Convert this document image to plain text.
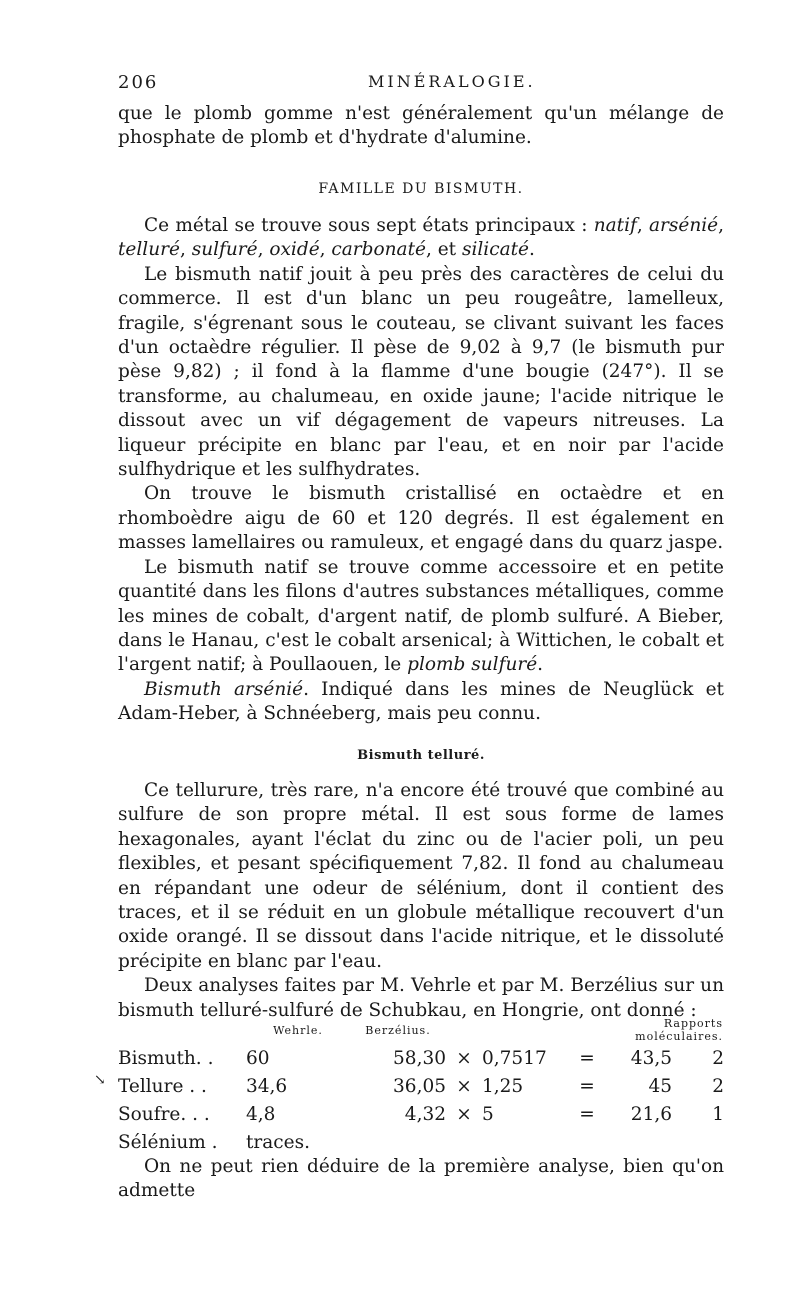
206	MINÉRALOGIE.

que le plomb gomme n'est généralement qu'un mélange de phosphate de plomb et d'hydrate d'alumine.

FAMILLE DU BISMUTH.

Ce métal se trouve sous sept états principaux : natif, arsénié, telluré, sulfuré, oxidé, carbonaté, et silicaté.

Le bismuth natif jouit à peu près des caractères de celui du commerce. Il est d'un blanc un peu rougeâtre, lamelleux, fragile, s'égrenant sous le couteau, se clivant suivant les faces d'un octaèdre régulier. Il pèse de 9,02 à 9,7 (le bismuth pur pèse 9,82) ; il fond à la flamme d'une bougie (247°). Il se transforme, au chalumeau, en oxide jaune; l'acide nitrique le dissout avec un vif dégagement de vapeurs nitreuses. La liqueur précipite en blanc par l'eau, et en noir par l'acide sulfhydrique et les sulfhydrates.

On trouve le bismuth cristallisé en octaèdre et en rhomboèdre aigu de 60 et 120 degrés. Il est également en masses lamellaires ou ramuleux, et engagé dans du quarz jaspe.

Le bismuth natif se trouve comme accessoire et en petite quantité dans les filons d'autres substances métalliques, comme les mines de cobalt, d'argent natif, de plomb sulfuré. A Bieber, dans le Hanau, c'est le cobalt arsenical; à Wittichen, le cobalt et l'argent natif; à Poullaouen, le plomb sulfuré.

Bismuth arsénié. Indiqué dans les mines de Neuglück et Adam-Heber, à Schnéeberg, mais peu connu.

Bismuth telluré.

Ce tellurure, très rare, n'a encore été trouvé que combiné au sulfure de son propre métal. Il est sous forme de lames hexagonales, ayant l'éclat du zinc ou de l'acier poli, un peu flexibles, et pesant spécifiquement 7,82. Il fond au chalumeau en répandant une odeur de sélénium, dont il contient des traces, et il se réduit en un globule métallique recouvert d'un oxide orangé. Il se dissout dans l'acide nitrique, et le dissoluté précipite en blanc par l'eau.

Deux analyses faites par M. Vehrle et par M. Berzélius sur un bismuth telluré-sulfuré de Schubkau, en Hongrie, ont donné :

	Wehrle.	Berzélius.				Rapports moléculaires.	
Bismuth. .	60	58,30	×	0,7517	=	43,5	2
Tellure . .	34,6	36,05	×	1,25	=	45	2
Soufre. . .	4,8	4,32	×	5	=	21,6	1
Sélénium .	traces.						
↘

On ne peut rien déduire de la première analyse, bien qu'on admette
